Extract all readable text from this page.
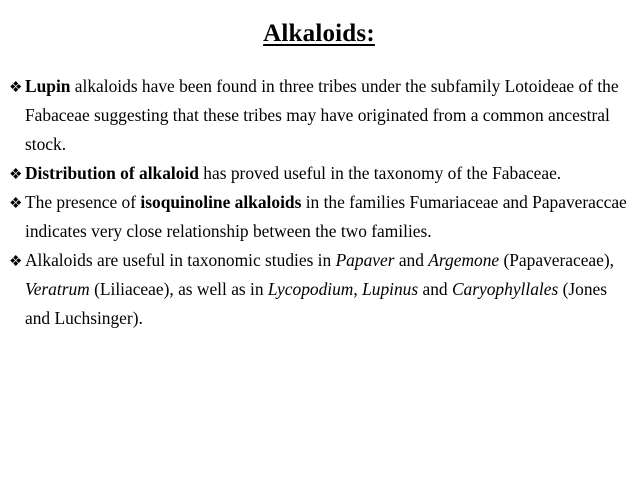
Alkaloids:

❖ Lupin alkaloids have been found in three tribes under the subfamily Lotoideae of the Fabaceae suggesting that these tribes may have originated from a common ancestral stock.

❖ Distribution of alkaloid has proved useful in the taxonomy of the Fabaceae.

❖ The presence of isoquinoline alkaloids in the families Fumariaceae and Papaveraccae indicates very close relationship between the two families.

❖ Alkaloids are useful in taxonomic studies in Papaver and Argemone (Papaveraceae), Veratrum (Liliaceae), as well as in Lycopodium, Lupinus and Caryophyllales (Jones and Luchsinger).
